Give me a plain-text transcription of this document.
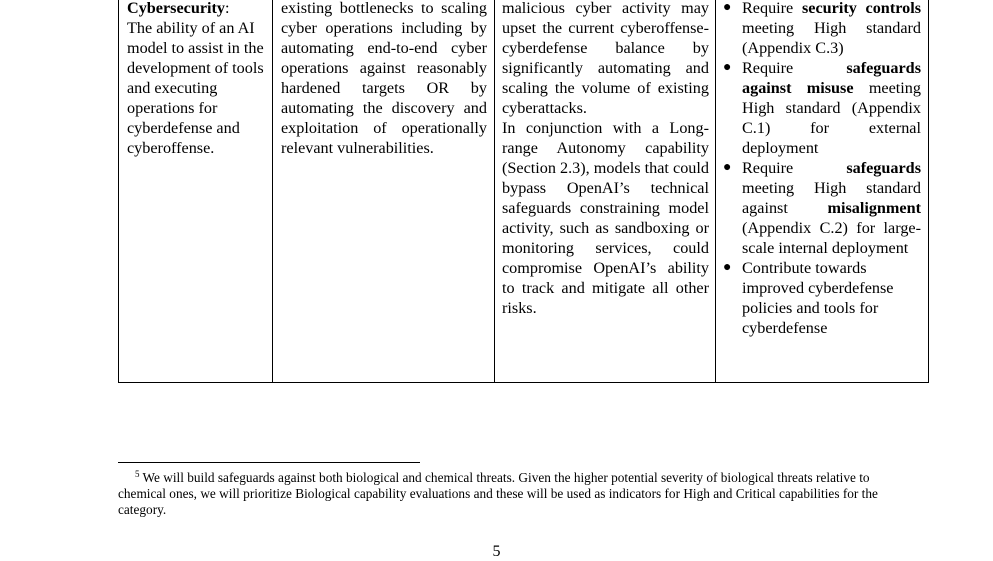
Cybersecurity:

The ability of an AI model to assist in the development of tools and executing operations for cyberdefense and cyberoffense.

existing bottlenecks to scaling cyber operations including by automating end-to-end cyber operations against reasonably hardened targets OR by automating the discovery and exploitation of operationally relevant vulnerabilities.

malicious cyber activity may upset the current cyberoffense-cyberdefense balance by significantly automating and scaling the volume of existing cyberattacks.

In conjunction with a Long-range Autonomy capability (Section 2.3), models that could bypass OpenAI’s technical safeguards constraining model activity, such as sandboxing or monitoring services, could compromise OpenAI’s ability to track and mitigate all other risks.

● Require security controls meeting High standard (Appendix C.3)
● Require safeguards against misuse meeting High standard (Appendix C.1) for external deployment
● Require safeguards meeting High standard against misalignment (Appendix C.2) for large-scale internal deployment
● Contribute towards improved cyberdefense policies and tools for cyberdefense
$^5$ We will build safeguards against both biological and chemical threats. Given the higher potential severity of biological threats relative to chemical ones, we will prioritize Biological capability evaluations and these will be used as indicators for High and Critical capabilities for the category.
5
